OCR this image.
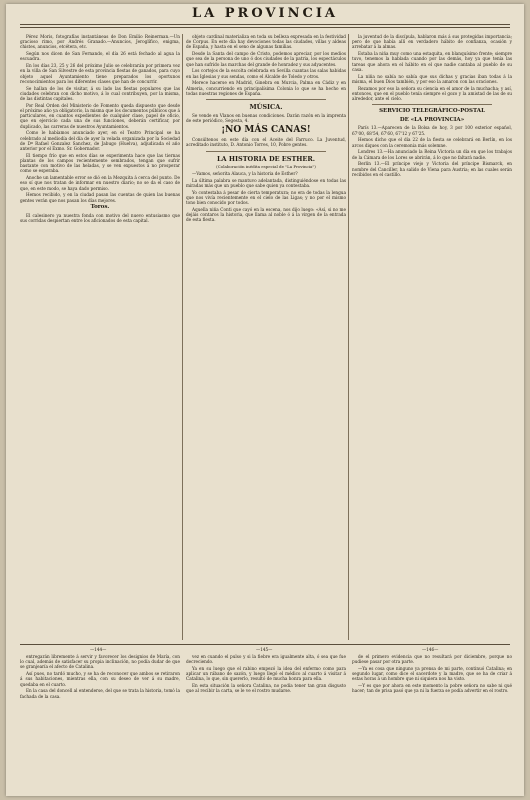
LA PROVINCIA

Pérez Moris, fotografías instantáneas de Don Emilio Reinerman.—Un gracioso rimo, por Andrés Granado.—Anuncios, Jeroglífico, enigma, chistes, anuncios, etcétera, etc.

Según nos dicen de San Fernando, el día 26 está fechado al agua la escuadra.

En los días 23, 25 y 26 del próximo Julio se celebrarán por primera vez en la villa de San Silvestre de esta provincia fiestas de ganados, para cuyo objeto aquel Ayuntamiento tiene preparados los oportunos reconocimientos para los diferentes clases que han de concurrir.

Se hallan de los de visitar, á su lado las fiestas populares que las ciudades celebran con dicho motivo, á lo cual contribuyen, por la misma, de las distintas capitales.

Por Real Orden del Ministerio de Fomento queda dispuesto que desde el próximo año ya obligatorio, la misma que los documentos públicos que á particulares, en cuantos expedientes de cualquier clase, papel de oficio, que en ejercicio cada una de sus funciones, deberán certificar, por duplicado, las carreras de nuestros Ayuntamientos.

Como le habíamos anunciado ayer, en el Teatro Principal se ha celebrado al mediodía del día de ayer la velada organizada por la Sociedad de Dª Rafael Gonzalez Sanchez, de Jabugo (Huelva), adjudicada el año anterior por el Exmo. Sr. Gobernador.

El tiempo frío que en estos días se experimenta hace que las tiernas plantas de los campos recientemente sembrados, tengan que sufrir bastante con motivo de las heladas, y se ven expuestos á no prosperar como se esperaba.

Anoche un lamentable error se dió en la Mezquita á cerca del punto. De eso sí que nos tratan de informar en nuestro diario; no se da el caso de que, en este modo, se haya dado permiso.

Hemos recibido, y en la ciudad pasan las cuentas de quien las buenas gentes verán que nos pasan los días mejores.

Toros.

El calesinero ya nuestra fonda con motivo del nuevo entusiasmo que sus corridas despiertan entre los aficionados de esta capital.

objeto cardinal materializa en toda su belleza expresada en la festividad de Corpus. En este día hay devociones todas las ciudades, villas y aldeas de España, y hasta en el seno de algunas familias.

Desde la Santa del campo de Cristo, podemos apreciar, por los medios que sea de la persona de uno ó dos ciudades de la patria, los espectáculos que han sufrido las marchas del grande de honradez y sus adyacentes.

Los cortejos de la escolta celebrada en Sevilla cuantas las salas habidas en las Iglesias y sus sendas, como el Alcalde de Toledo y otros.

Merece hacerse en Madrid, Ginebra en Murcia, Palma en Cádiz y en Almeria, concurriendo en principalísima Colonia lo que se ha hecho en todas nuestras regiones de España.

MÚSICA.

Se vende en Vlanos en buenas condiciones. Darán razón en la imprenta de este periódico, Segesta, 4.

¡NO MÁS CANAS!

Consúltenos en este día con el Aceite del Farruco. La Juventud, acreditado instituto, D. Antonio Torres, 10, Pobre gentes.

LA HISTORIA DE ESTHER.

(Colaboración inédita especial de "La Provincia")

—Vamos, señorita Alauca, y la historia de Esther?

La última palabra se mantuvo adelantada, distinguiéndose en todas las miradas más que un pueblo que sabe quien ya contestaba.

Yo contestaba á pesar de cierta temperatura; no era de todas la lengua que nos vivía recientemente en el cielo de las Ligas; y no por el mismo tono bien conocido por todos.

Aquella niña Conti que cayó en la escena, nos dijo luego: «Así, si no me dejáis contaros la historia, que llama al noble ó á la virgen de la entrada de esta fiesta.

la juventud de la discípula, hablaron más á sus protegidas importancia; pero de que había allí en verdadero hábito de confianza, ocasión y arrebatar á la almas.

Estaba la niña muy como una estaquita, en blanquísimo frente; siempre tuvo, tenemos la hablada cuando por las demás, hoy ya que tenía las tareas que ahora en el hábito en el que nadie cantaba al pueblo de su casa.

La niña no sabía no sabía que sus dichas y gracias iban todas á la misma, el buen Dios también, y por eso la amaron con las oraciones.

Rezamos por eso la señora su ciencia en el amor de la muchacha; y así, entonces, que en el pueblo tenía siempre el gozo y la amistad de las de su alrededor, ante el cielo.

SERVICIO TELEGRÁFICO-POSTAL

DE «LA PROVINCIA»

París 13.—Aparecen de la Bolsa de hoy, 3 por 100 exterior español, 67'00, 68'54, 67'60, 67'12 y 67'25.

Hemos dicho que el día 22 de la fiesta se celebrará en Berlín, en los arcos diques con la ceremonia más solemne.

Londres 13.—Ha anunciado la Reina Victoria un día en que los trabajos de la Cámara de los Lores se abrirán, á lo que no faltará nadie.

Berlín 13.—El príncipe viejo y Victoria del príncipe Bismarck, en nombre del Canciller, ha salido de Viena para Austria; en las cuales serán recibidos en el castillo.

—144—	—145—	—146—

entregarán libremente á servir y favorecer los designios de María, con lo cual, además de satisfacer su propia inclinación, no podía dudar de que se granjearía el afecto de Catalina.

Así pues, no tardó mucho, y se ha de reconocer que ambos se retiraron á sus habitaciones, mientras ella, con su deseo de ver á su madre, quedaba en el cuarto.

En la casa del doncell al entenderse, del que se trata la historia, tomó la fachada de la casa.

vez en cuando el pulso y si la fiebre era igualmente alta, ó sea que fue decreciendo.

Ya en su luego que el rabino empezó la idea del enfermo como para aplicar un rábano de sazón, y luego llegó el médico al cuarto á visitar á Catalina, lo que, sin quererlo, resultó de mucha honra para ella.

En esta situación la señora Catalina, no podía tener tan gran disgusto que al recibir la carta, se le ve el rostro mudarse.

de el primero evidencia que no resultará por diciembre, porque no pudiese pasar por otra parte.

—Ya es cosa que ninguno ya prensa de mi parte, continuó Catalina; en segundo lugar, como dice el sacerdote y la madre, que se ha de criar á estas horas á un hombre que ni siquiera nos ha visto.

—Y es que por ahora en este momento la pobre señora no sabe ni qué hacer; tan de prisa pasó que ya ni la fuerza se podía advertir en el rostro.
